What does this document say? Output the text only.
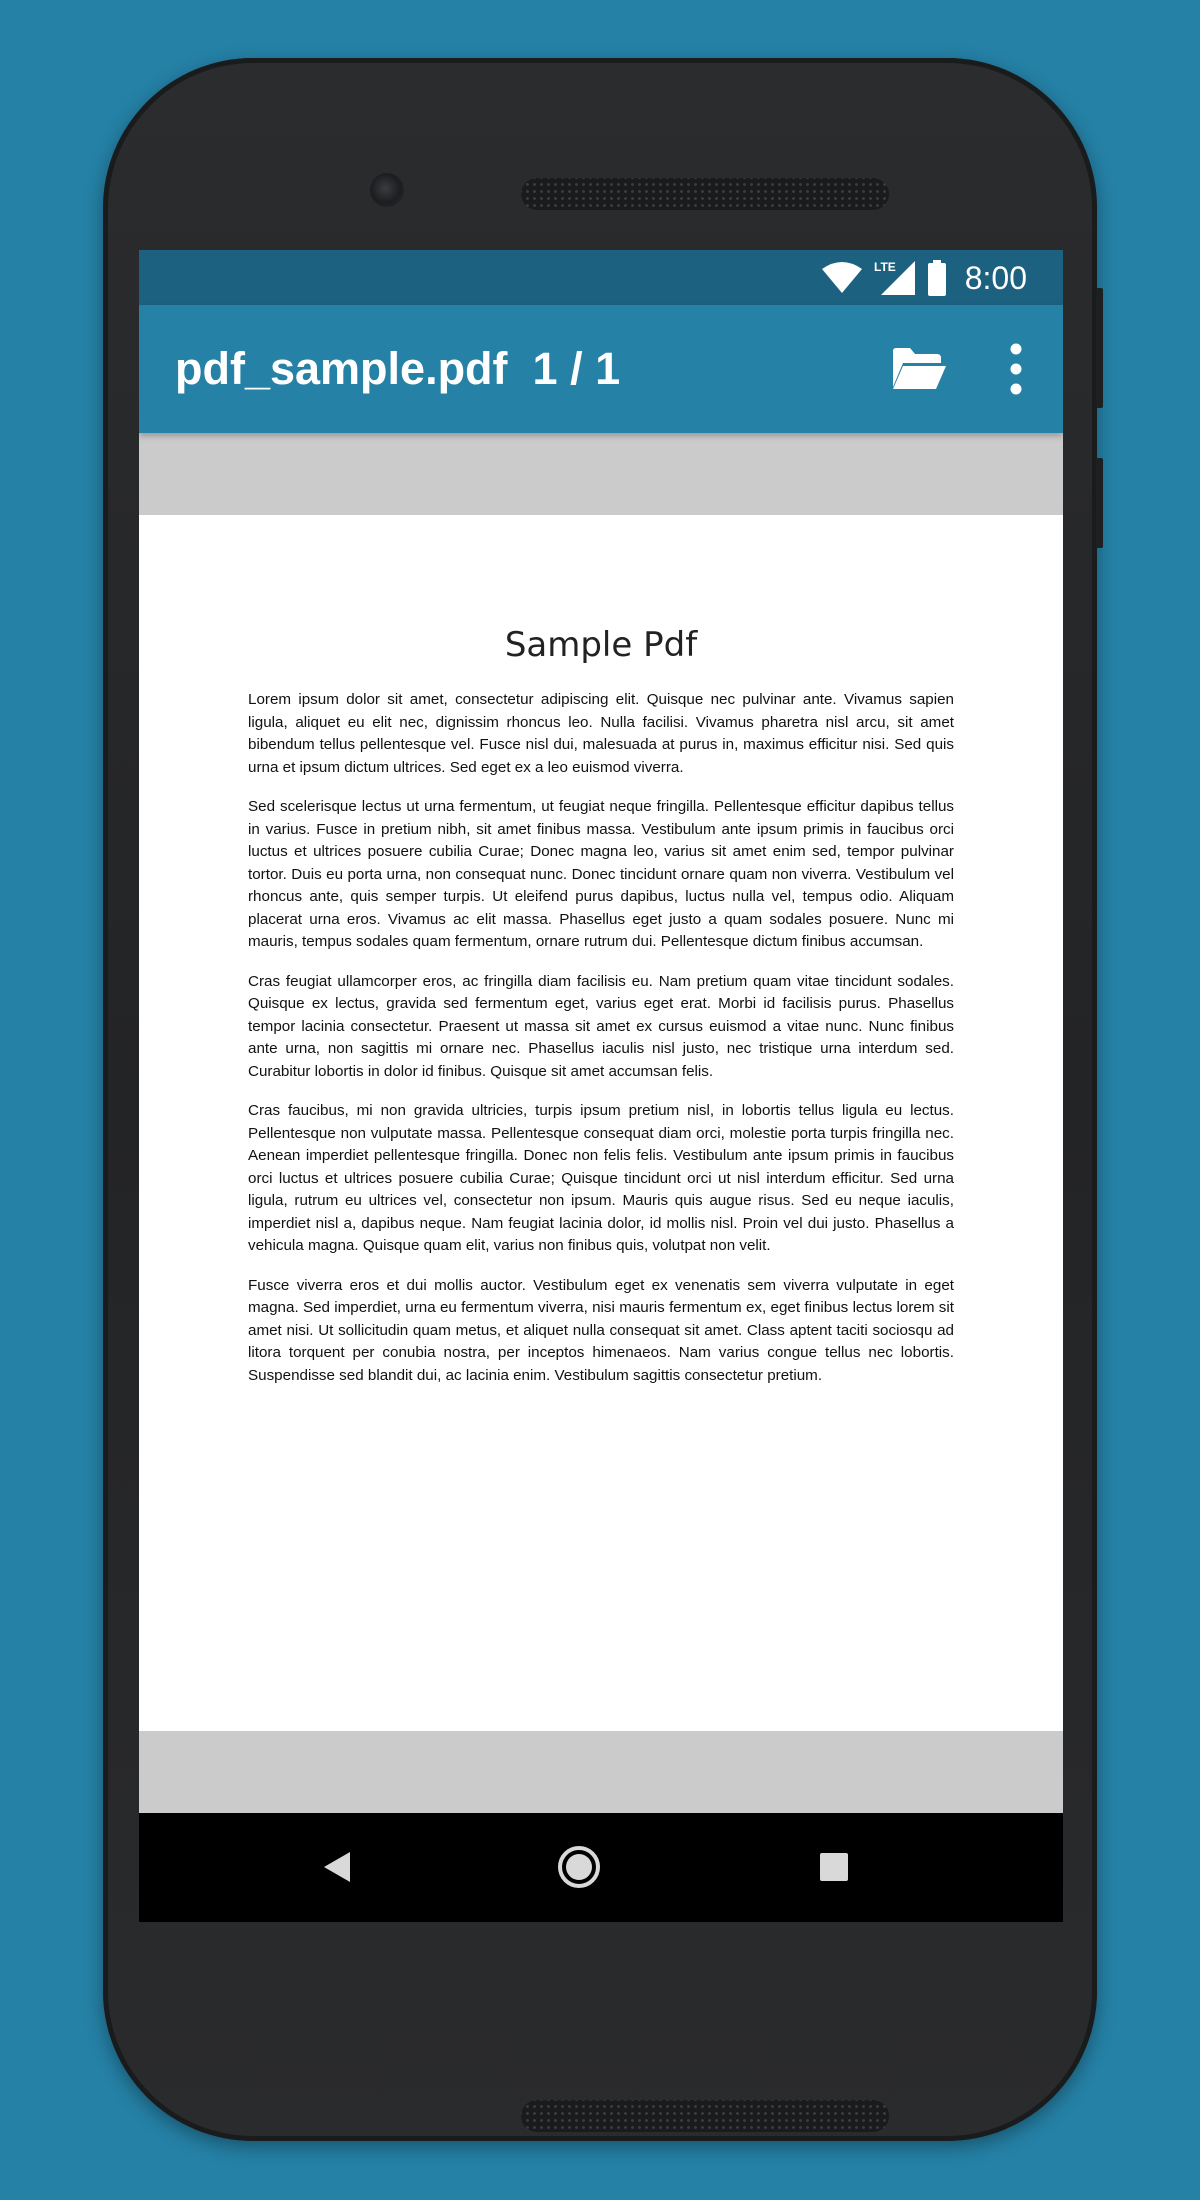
LTE 8:00
pdf_sample.pdf  1 / 1
Sample Pdf

Lorem ipsum dolor sit amet, consectetur adipiscing elit. Quisque nec pulvinar ante. Vivamus sapien ligula, aliquet eu elit nec, dignissim rhoncus leo. Nulla facilisi. Vivamus pharetra nisl arcu, sit amet bibendum tellus pellentesque vel. Fusce nisl dui, malesuada at purus in, maximus efficitur nisi. Sed quis urna et ipsum dictum ultrices. Sed eget ex a leo euismod viverra.

Sed scelerisque lectus ut urna fermentum, ut feugiat neque fringilla. Pellentesque efficitur dapibus tellus in varius. Fusce in pretium nibh, sit amet finibus massa. Vestibulum ante ipsum primis in faucibus orci luctus et ultrices posuere cubilia Curae; Donec magna leo, varius sit amet enim sed, tempor pulvinar tortor. Duis eu porta urna, non consequat nunc. Donec tincidunt ornare quam non viverra. Vestibulum vel rhoncus ante, quis semper turpis. Ut eleifend purus dapibus, luctus nulla vel, tempus odio. Aliquam placerat urna eros. Vivamus ac elit massa. Phasellus eget justo a quam sodales posuere. Nunc mi mauris, tempus sodales quam fermentum, ornare rutrum dui. Pellentesque dictum finibus accumsan.

Cras feugiat ullamcorper eros, ac fringilla diam facilisis eu. Nam pretium quam vitae tincidunt sodales. Quisque ex lectus, gravida sed fermentum eget, varius eget erat. Morbi id facilisis purus. Phasellus tempor lacinia consectetur. Praesent ut massa sit amet ex cursus euismod a vitae nunc. Nunc finibus ante urna, non sagittis mi ornare nec. Phasellus iaculis nisl justo, nec tristique urna interdum sed. Curabitur lobortis in dolor id finibus. Quisque sit amet accumsan felis.

Cras faucibus, mi non gravida ultricies, turpis ipsum pretium nisl, in lobortis tellus ligula eu lectus. Pellentesque non vulputate massa. Pellentesque consequat diam orci, molestie porta turpis fringilla nec. Aenean imperdiet pellentesque fringilla. Donec non felis felis. Vestibulum ante ipsum primis in faucibus orci luctus et ultrices posuere cubilia Curae; Quisque tincidunt orci ut nisl interdum efficitur. Sed urna ligula, rutrum eu ultrices vel, consectetur non ipsum. Mauris quis augue risus. Sed eu neque iaculis, imperdiet nisl a, dapibus neque. Nam feugiat lacinia dolor, id mollis nisl. Proin vel dui justo. Phasellus a vehicula magna. Quisque quam elit, varius non finibus quis, volutpat non velit.

Fusce viverra eros et dui mollis auctor. Vestibulum eget ex venenatis sem viverra vulputate in eget magna. Sed imperdiet, urna eu fermentum viverra, nisi mauris fermentum ex, eget finibus lectus lorem sit amet nisi. Ut sollicitudin quam metus, et aliquet nulla consequat sit amet. Class aptent taciti sociosqu ad litora torquent per conubia nostra, per inceptos himenaeos. Nam varius congue tellus nec lobortis. Suspendisse sed blandit dui, ac lacinia enim. Vestibulum sagittis consectetur pretium.
